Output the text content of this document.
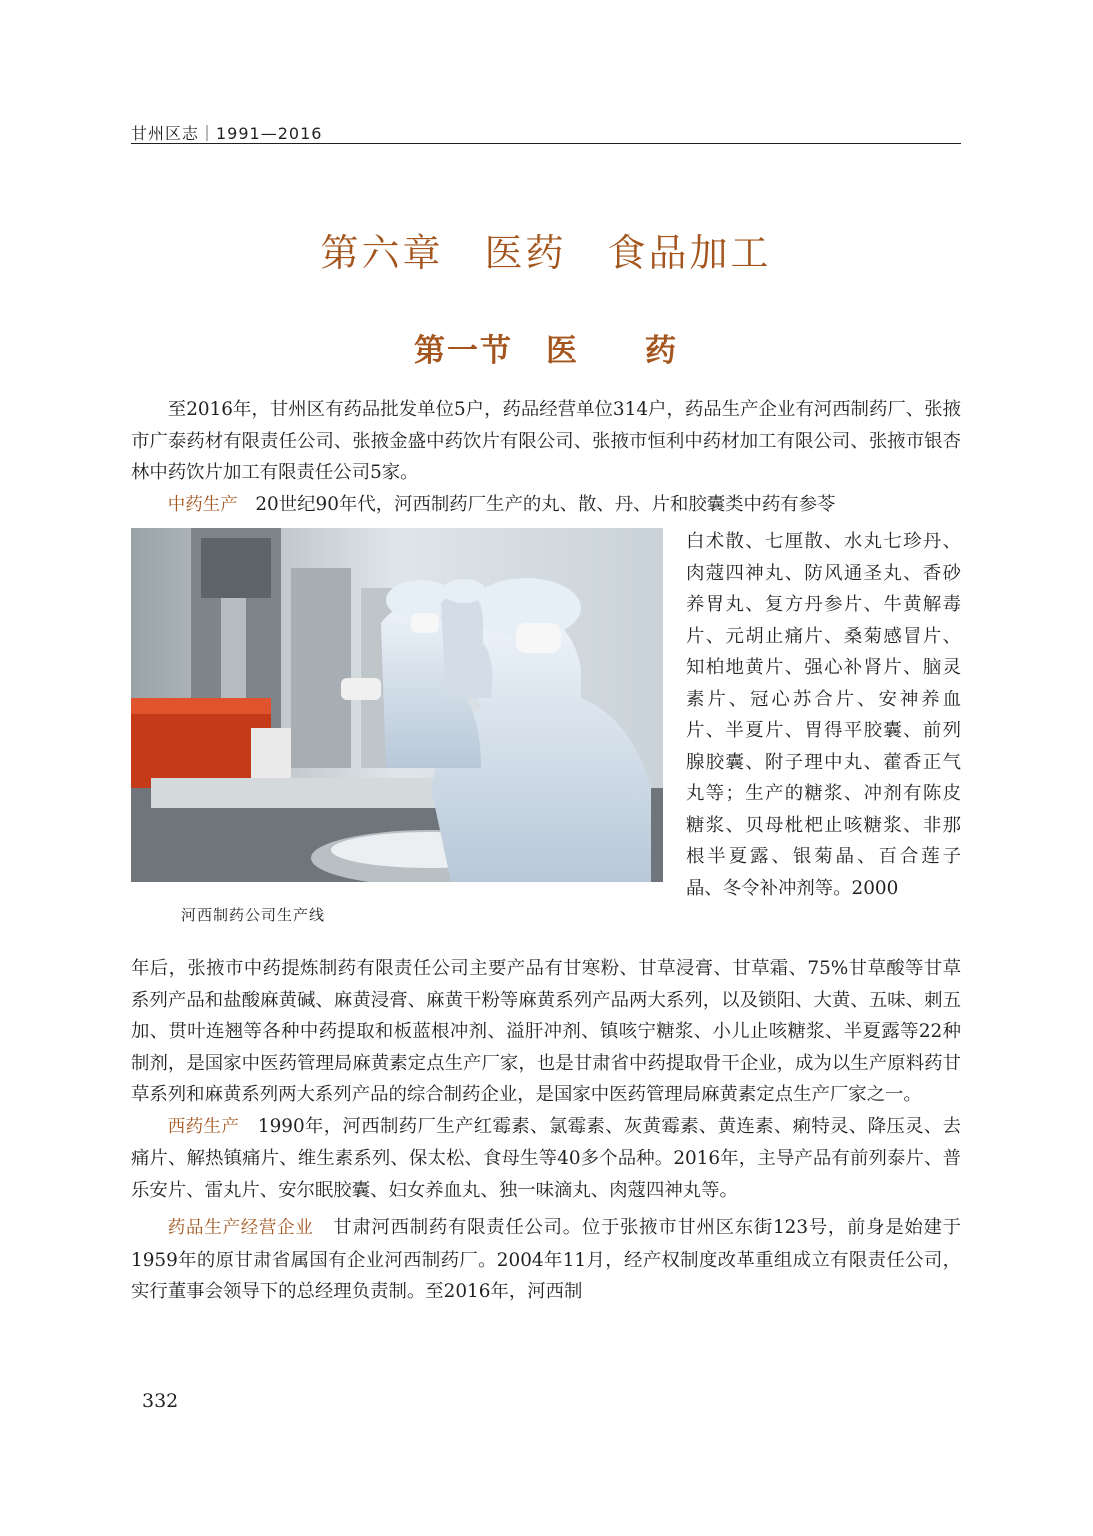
甘州区志｜1991—2016
第六章　医药　食品加工
第一节　医　　药

至2016年，甘州区有药品批发单位5户，药品经营单位314户，药品生产企业有河西制药厂、张掖市广泰药材有限责任公司、张掖金盛中药饮片有限公司、张掖市恒利中药材加工有限公司、张掖市银杏林中药饮片加工有限责任公司5家。

中药生产 20世纪90年代，河西制药厂生产的丸、散、丹、片和胶囊类中药有参苓

河西制药公司生产线
白术散、七厘散、水丸七珍丹、肉蔻四神丸、防风通圣丸、香砂养胃丸、复方丹参片、牛黄解毒片、元胡止痛片、桑菊感冒片、知柏地黄片、强心补肾片、脑灵素片、冠心苏合片、安神养血片、半夏片、胃得平胶囊、前列腺胶囊、附子理中丸、藿香正气丸等；生产的糖浆、冲剂有陈皮糖浆、贝母枇杷止咳糖浆、非那根半夏露、银菊晶、百合莲子晶、冬令补冲剂等。2000

年后，张掖市中药提炼制药有限责任公司主要产品有甘寒粉、甘草浸膏、甘草霜、75%甘草酸等甘草系列产品和盐酸麻黄碱、麻黄浸膏、麻黄干粉等麻黄系列产品两大系列，以及锁阳、大黄、五味、刺五加、贯叶连翘等各种中药提取和板蓝根冲剂、溢肝冲剂、镇咳宁糖浆、小儿止咳糖浆、半夏露等22种制剂，是国家中医药管理局麻黄素定点生产厂家，也是甘肃省中药提取骨干企业，成为以生产原料药甘草系列和麻黄系列两大系列产品的综合制药企业，是国家中医药管理局麻黄素定点生产厂家之一。

西药生产 1990年，河西制药厂生产红霉素、氯霉素、灰黄霉素、黄连素、痢特灵、降压灵、去痛片、解热镇痛片、维生素系列、保太松、食母生等40多个品种。2016年，主导产品有前列泰片、普乐安片、雷丸片、安尔眠胶囊、妇女养血丸、独一味滴丸、肉蔻四神丸等。

药品生产经营企业 甘肃河西制药有限责任公司。位于张掖市甘州区东街123号，前身是始建于1959年的原甘肃省属国有企业河西制药厂。2004年11月，经产权制度改革重组成立有限责任公司，实行董事会领导下的总经理负责制。至2016年，河西制

332
